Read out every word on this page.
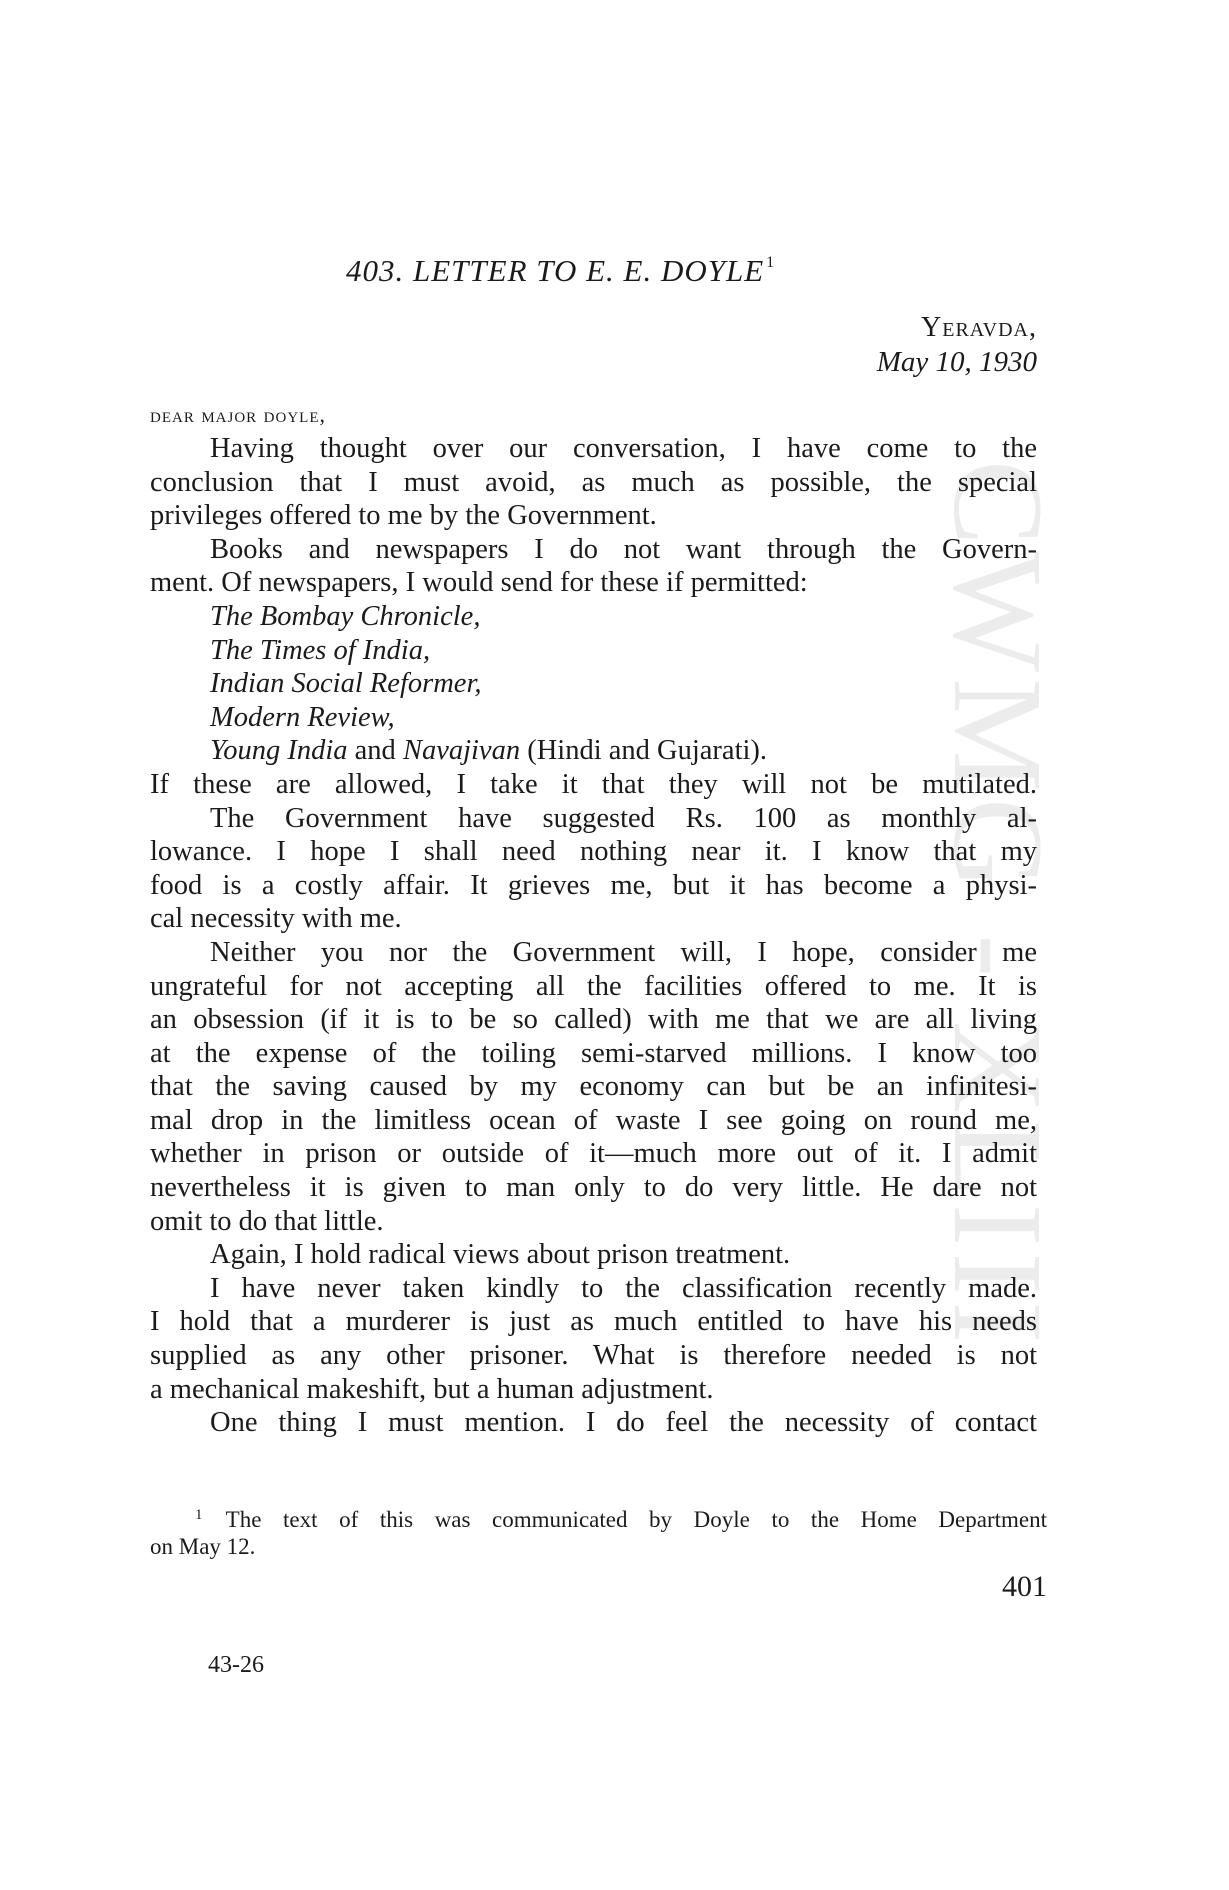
CWMG - XLIII
403. LETTER TO E. E. DOYLE $^1$
Yeravda,
May 10, 1930
dear major doyle,
Having thought over our conversation, I have come to the
conclusion that I must avoid, as much as possible, the special
privileges offered to me by the Government.
Books and newspapers I do not want through the Govern-
ment. Of newspapers, I would send for these if permitted:
The Bombay Chronicle,
The Times of India,
Indian Social Reformer,
Modern Review,
Young India and Navajivan (Hindi and Gujarati).
If these are allowed, I take it that they will not be mutilated.
The Government have suggested Rs. 100 as monthly al-
lowance. I hope I shall need nothing near it. I know that my
food is a costly affair. It grieves me, but it has become a physi-
cal necessity with me.
Neither you nor the Government will, I hope, consider me
ungrateful for not accepting all the facilities offered to me. It is
an obsession (if it is to be so called) with me that we are all living
at the expense of the toiling semi-starved millions. I know too
that the saving caused by my economy can but be an infinitesi-
mal drop in the limitless ocean of waste I see going on round me,
whether in prison or outside of it—much more out of it. I admit
nevertheless it is given to man only to do very little. He dare not
omit to do that little.
Again, I hold radical views about prison treatment.
I have never taken kindly to the classification recently made.
I hold that a murderer is just as much entitled to have his needs
supplied as any other prisoner. What is therefore needed is not
a mechanical makeshift, but a human adjustment.
One thing I must mention. I do feel the necessity of contact
$^1$ The text of this was communicated by Doyle to the Home Department
on May 12.
401
43-26
